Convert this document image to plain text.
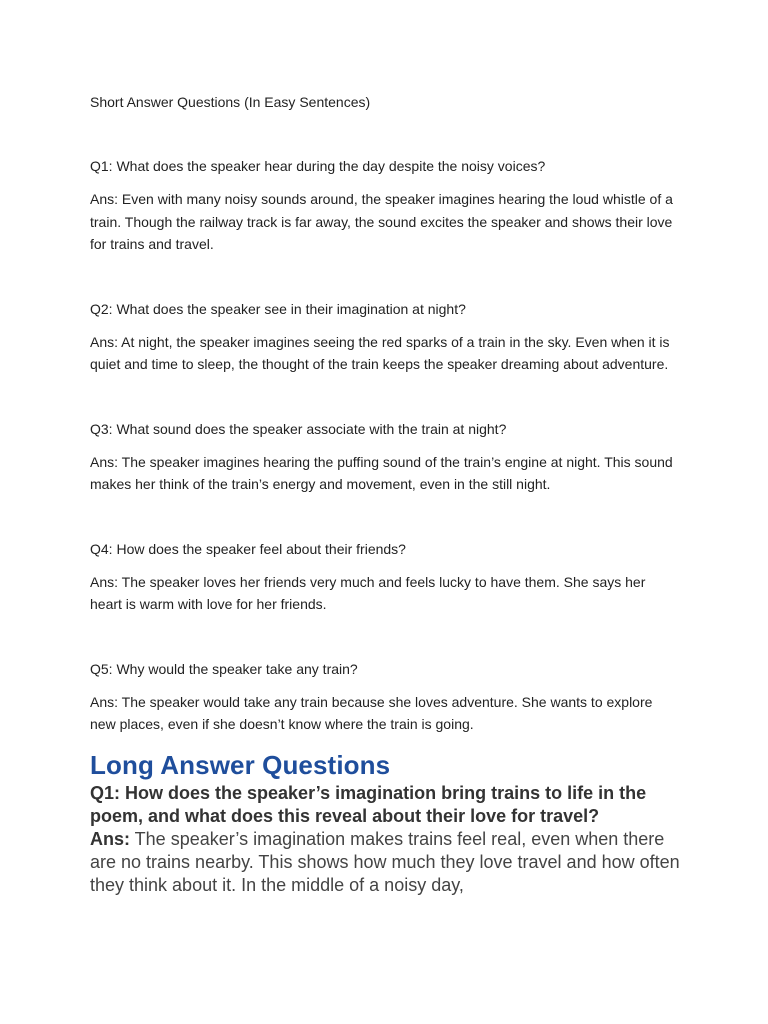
Short Answer Questions (In Easy Sentences)

Q1: What does the speaker hear during the day despite the noisy voices?

Ans: Even with many noisy sounds around, the speaker imagines hearing the loud whistle of a train. Though the railway track is far away, the sound excites the speaker and shows their love for trains and travel.

Q2: What does the speaker see in their imagination at night?

Ans: At night, the speaker imagines seeing the red sparks of a train in the sky. Even when it is quiet and time to sleep, the thought of the train keeps the speaker dreaming about adventure.

Q3: What sound does the speaker associate with the train at night?

Ans: The speaker imagines hearing the puffing sound of the train’s engine at night. This sound makes her think of the train’s energy and movement, even in the still night.

Q4: How does the speaker feel about their friends?

Ans: The speaker loves her friends very much and feels lucky to have them. She says her heart is warm with love for her friends.

Q5: Why would the speaker take any train?

Ans: The speaker would take any train because she loves adventure. She wants to explore new places, even if she doesn’t know where the train is going.

Long Answer Questions

Q1: How does the speaker’s imagination bring trains to life in the poem, and what does this reveal about their love for travel?

Ans: The speaker’s imagination makes trains feel real, even when there are no trains nearby. This shows how much they love travel and how often they think about it. In the middle of a noisy day,
